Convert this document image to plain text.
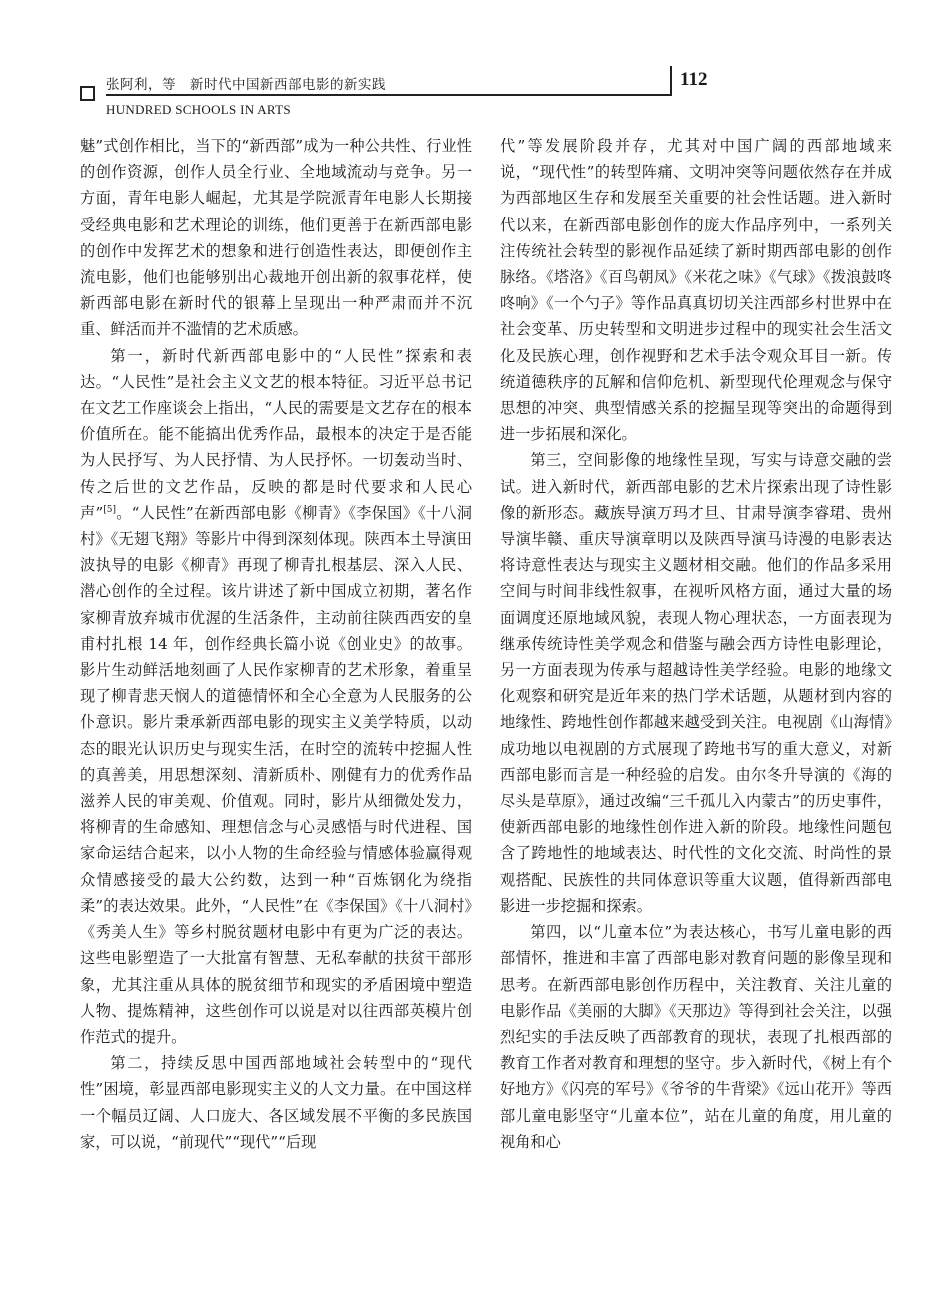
张阿利，等　新时代中国新西部电影的新实践	112
HUNDRED SCHOOLS IN ARTS

魅”式创作相比，当下的“新西部”成为一种公共性、行业性的创作资源，创作人员全行业、全地域流动与竞争。另一方面，青年电影人崛起，尤其是学院派青年电影人长期接受经典电影和艺术理论的训练，他们更善于在新西部电影的创作中发挥艺术的想象和进行创造性表达，即便创作主流电影，他们也能够别出心裁地开创出新的叙事花样，使新西部电影在新时代的银幕上呈现出一种严肃而并不沉重、鲜活而并不滥情的艺术质感。

第一，新时代新西部电影中的“人民性”探索和表达。“人民性”是社会主义文艺的根本特征。习近平总书记在文艺工作座谈会上指出，“人民的需要是文艺存在的根本价值所在。能不能搞出优秀作品，最根本的决定于是否能为人民抒写、为人民抒情、为人民抒怀。一切轰动当时、传之后世的文艺作品，反映的都是时代要求和人民心声”[5]。“人民性”在新西部电影《柳青》《李保国》《十八洞村》《无翅飞翔》等影片中得到深刻体现。陕西本土导演田波执导的电影《柳青》再现了柳青扎根基层、深入人民、潜心创作的全过程。该片讲述了新中国成立初期，著名作家柳青放弃城市优渥的生活条件，主动前往陕西西安的皇甫村扎根 14 年，创作经典长篇小说《创业史》的故事。影片生动鲜活地刻画了人民作家柳青的艺术形象，着重呈现了柳青悲天悯人的道德情怀和全心全意为人民服务的公仆意识。影片秉承新西部电影的现实主义美学特质，以动态的眼光认识历史与现实生活，在时空的流转中挖掘人性的真善美，用思想深刻、清新质朴、刚健有力的优秀作品滋养人民的审美观、价值观。同时，影片从细微处发力，将柳青的生命感知、理想信念与心灵感悟与时代进程、国家命运结合起来，以小人物的生命经验与情感体验赢得观众情感接受的最大公约数，达到一种“百炼钢化为绕指柔”的表达效果。此外，“人民性”在《李保国》《十八洞村》《秀美人生》等乡村脱贫题材电影中有更为广泛的表达。这些电影塑造了一大批富有智慧、无私奉献的扶贫干部形象，尤其注重从具体的脱贫细节和现实的矛盾困境中塑造人物、提炼精神，这些创作可以说是对以往西部英模片创作范式的提升。

第二，持续反思中国西部地域社会转型中的“现代性”困境，彰显西部电影现实主义的人文力量。在中国这样一个幅员辽阔、人口庞大、各区域发展不平衡的多民族国家，可以说，“前现代”“现代”“后现

代”等发展阶段并存，尤其对中国广阔的西部地域来说，“现代性”的转型阵痛、文明冲突等问题依然存在并成为西部地区生存和发展至关重要的社会性话题。进入新时代以来，在新西部电影创作的庞大作品序列中，一系列关注传统社会转型的影视作品延续了新时期西部电影的创作脉络。《塔洛》《百鸟朝凤》《米花之味》《气球》《拨浪鼓咚咚响》《一个勺子》等作品真真切切关注西部乡村世界中在社会变革、历史转型和文明进步过程中的现实社会生活文化及民族心理，创作视野和艺术手法令观众耳目一新。传统道德秩序的瓦解和信仰危机、新型现代伦理观念与保守思想的冲突、典型情感关系的挖掘呈现等突出的命题得到进一步拓展和深化。

第三，空间影像的地缘性呈现，写实与诗意交融的尝试。进入新时代，新西部电影的艺术片探索出现了诗性影像的新形态。藏族导演万玛才旦、甘肃导演李睿珺、贵州导演毕赣、重庆导演章明以及陕西导演马诗漫的电影表达将诗意性表达与现实主义题材相交融。他们的作品多采用空间与时间非线性叙事，在视听风格方面，通过大量的场面调度还原地域风貌，表现人物心理状态，一方面表现为继承传统诗性美学观念和借鉴与融会西方诗性电影理论，另一方面表现为传承与超越诗性美学经验。电影的地缘文化观察和研究是近年来的热门学术话题，从题材到内容的地缘性、跨地性创作都越来越受到关注。电视剧《山海情》成功地以电视剧的方式展现了跨地书写的重大意义，对新西部电影而言是一种经验的启发。由尔冬升导演的《海的尽头是草原》，通过改编“三千孤儿入内蒙古”的历史事件，使新西部电影的地缘性创作进入新的阶段。地缘性问题包含了跨地性的地域表达、时代性的文化交流、时尚性的景观搭配、民族性的共同体意识等重大议题，值得新西部电影进一步挖掘和探索。

第四，以“儿童本位”为表达核心，书写儿童电影的西部情怀，推进和丰富了西部电影对教育问题的影像呈现和思考。在新西部电影创作历程中，关注教育、关注儿童的电影作品《美丽的大脚》《天那边》等得到社会关注，以强烈纪实的手法反映了西部教育的现状，表现了扎根西部的教育工作者对教育和理想的坚守。步入新时代，《树上有个好地方》《闪亮的军号》《爷爷的牛背梁》《远山花开》等西部儿童电影坚守“儿童本位”，站在儿童的角度，用儿童的视角和心
